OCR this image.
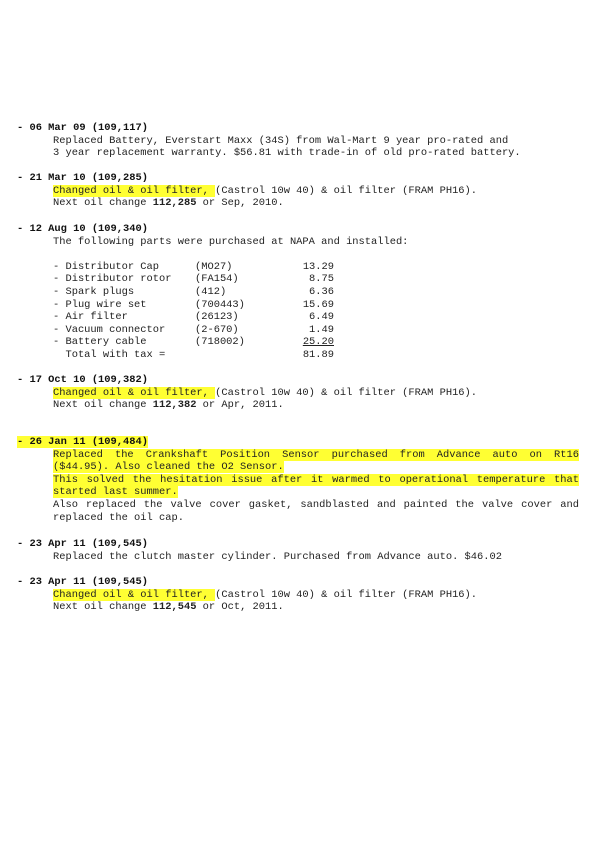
- 06 Mar 09 (109,117)
Replaced Battery, Everstart Maxx (34S) from Wal-Mart 9 year pro-rated and
3 year replacement warranty. $56.81 with trade-in of old pro-rated battery.
- 21 Mar 10 (109,285)
Changed oil & oil filter, (Castrol 10w 40) & oil filter (FRAM PH16).
Next oil change 112,285 or Sep, 2010.
- 12 Aug 10 (109,340)
The following parts were purchased at NAPA and installed:
- Distributor Cap	(MO27)	13.29
- Distributor rotor (FA154)	8.75
- Spark plugs	(412)	6.36
- Plug wire set	(700443)	15.69
- Air filter	(26123)	6.49
- Vacuum connector	(2-670)	1.49
- Battery cable	(718002)	25.20
Total with tax =	81.89
- 17 Oct 10 (109,382)
Changed oil & oil filter, (Castrol 10w 40) & oil filter (FRAM PH16).
Next oil change 112,382 or Apr, 2011.
- 26 Jan 11 (109,484)
Replaced the Crankshaft Position Sensor purchased from Advance auto on Rt16 ($44.95). Also cleaned the O2 Sensor.
This solved the hesitation issue after it warmed to operational temperature that started last summer.
Also replaced the valve cover gasket, sandblasted and painted the valve cover and replaced the oil cap.
- 23 Apr 11 (109,545)
Replaced the clutch master cylinder. Purchased from Advance auto. $46.02
- 23 Apr 11 (109,545)
Changed oil & oil filter, (Castrol 10w 40) & oil filter (FRAM PH16).
Next oil change 112,545 or Oct, 2011.
